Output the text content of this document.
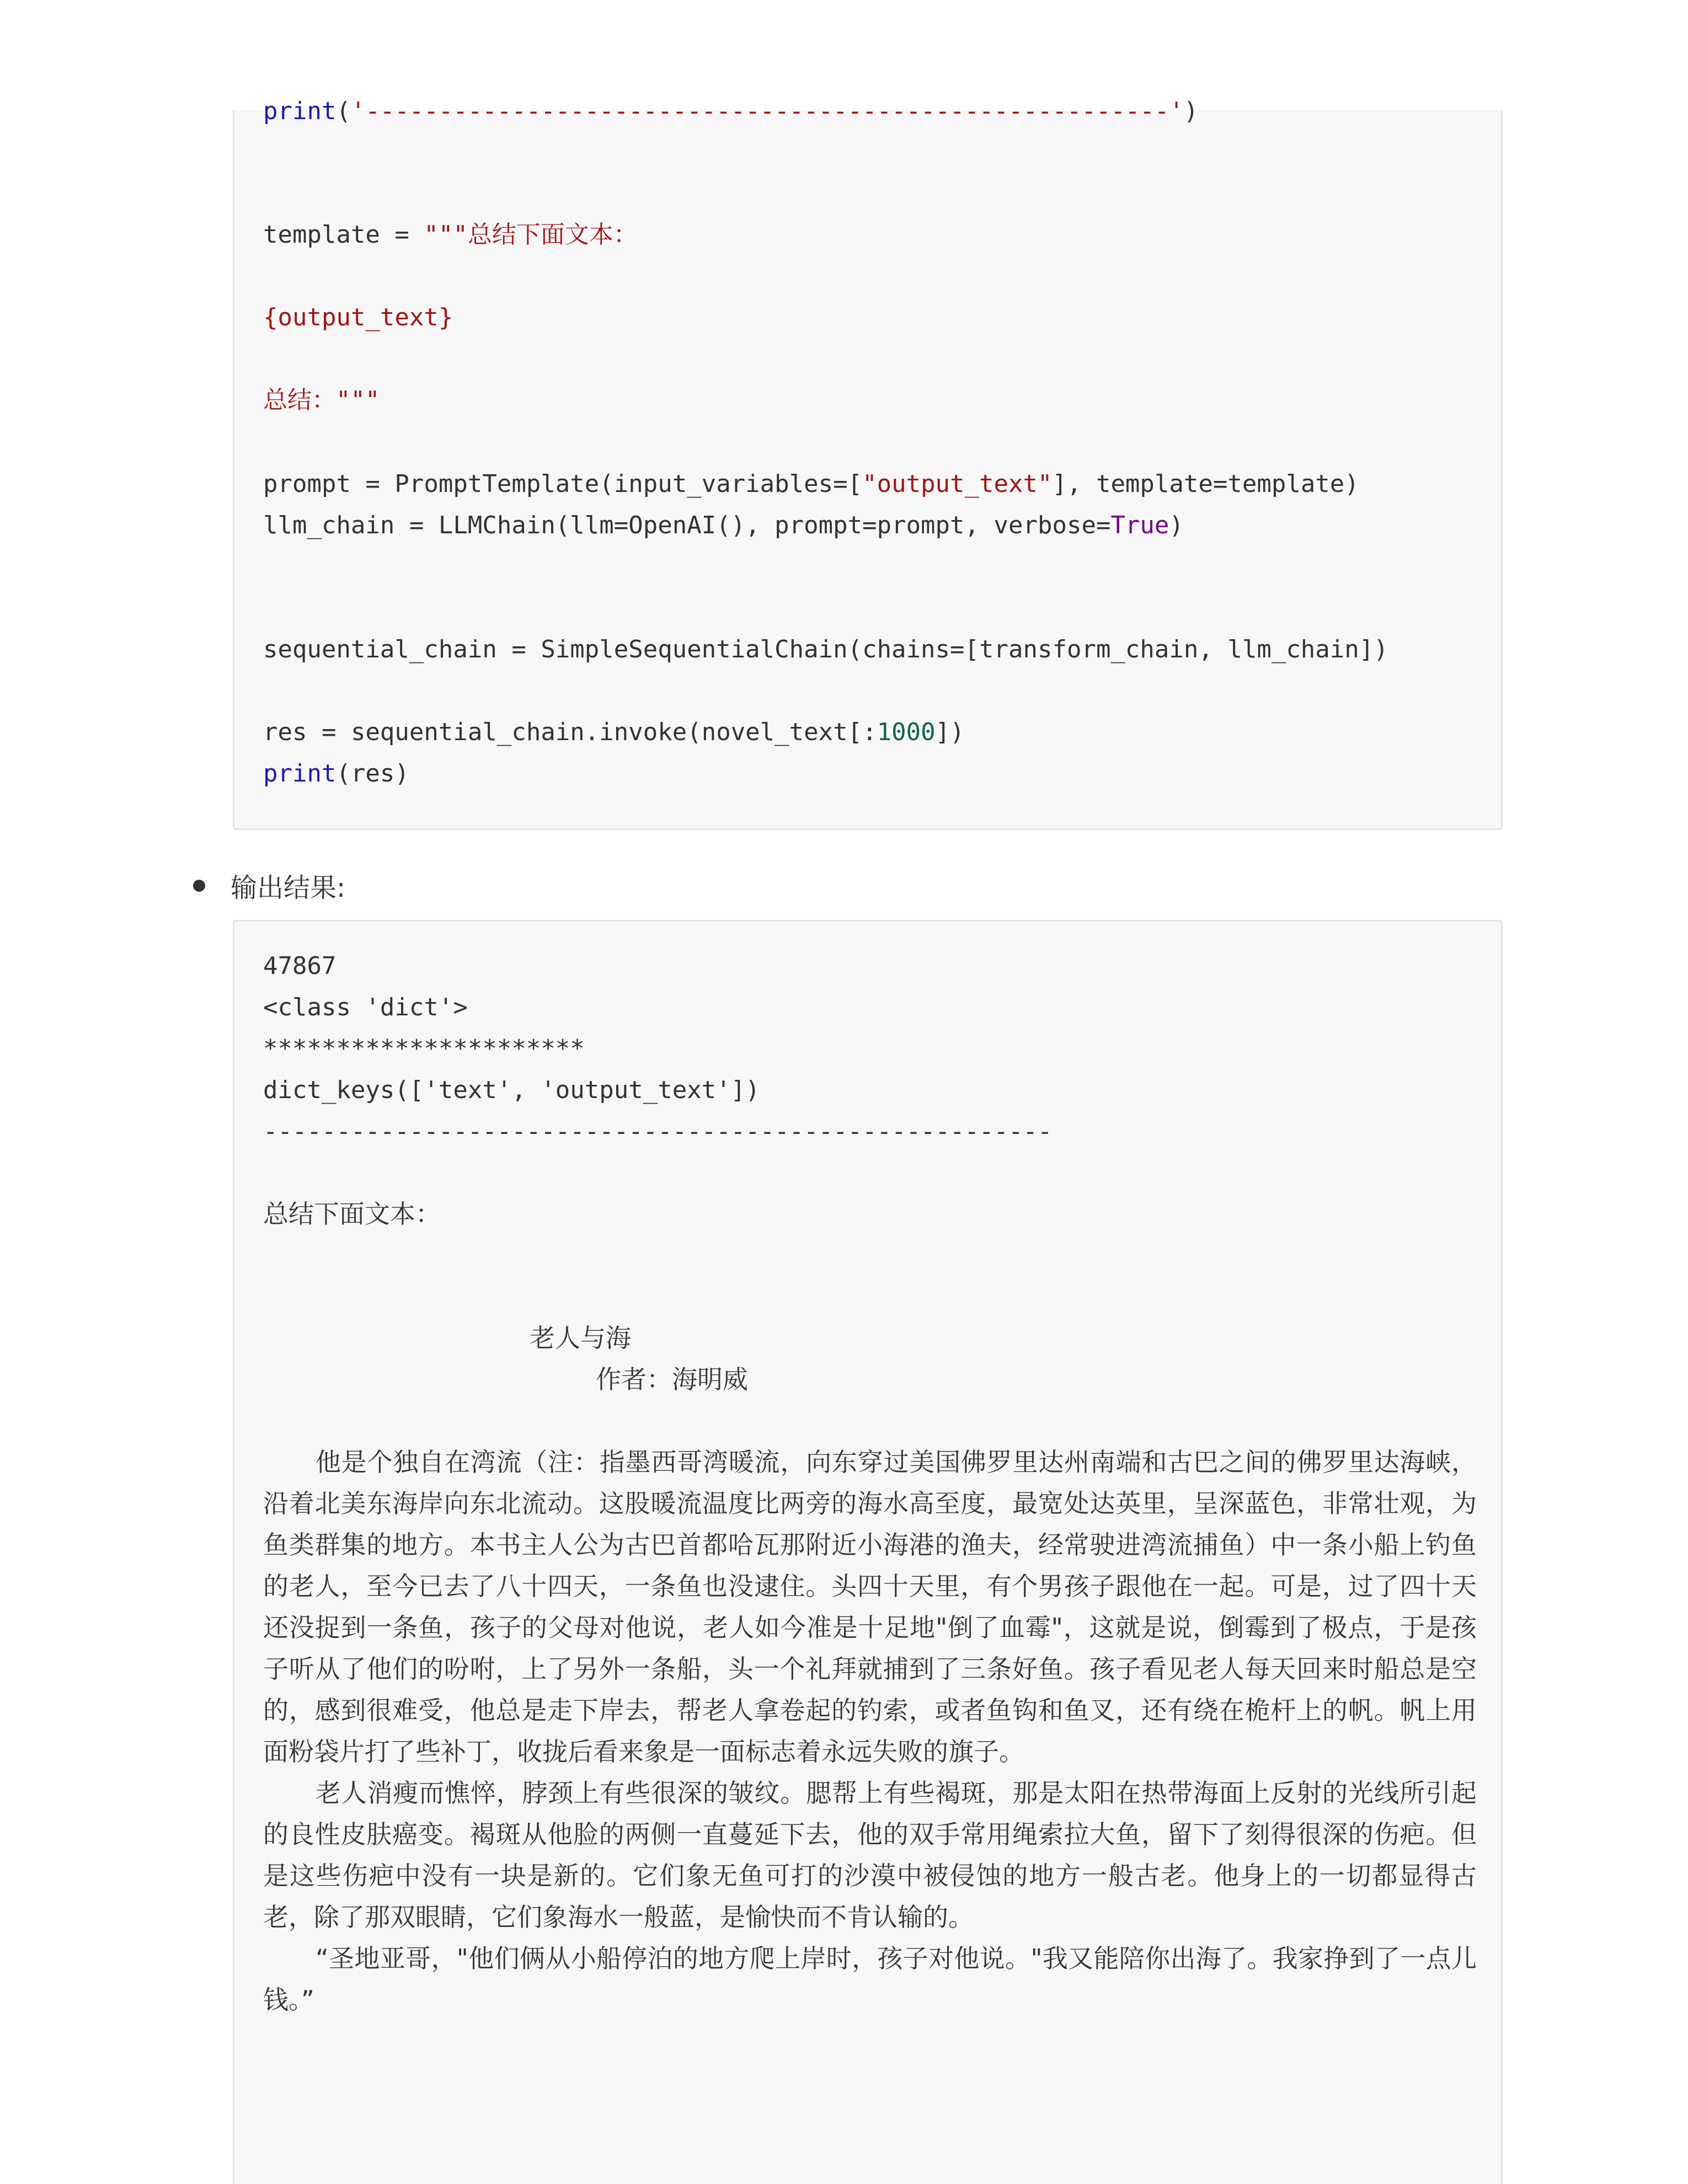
print('-------------------------------------------------------')
template = """总结下面文本：
{output_text}
总结："""
prompt = PromptTemplate(input_variables=["output_text"], template=template)
llm_chain = LLMChain(llm=OpenAI(), prompt=prompt, verbose=True)
sequential_chain = SimpleSequentialChain(chains=[transform_chain, llm_chain])
res = sequential_chain.invoke(novel_text[:1000])
print(res)
输出结果:
47867
<class 'dict'>
**********************
dict_keys(['text', 'output_text'])
------------------------------------------------------
总结下面文本：
老人与海
作者：海明威
他是个独自在湾流（注：指墨西哥湾暖流，向东穿过美国佛罗里达州南端和古巴之间的佛罗里达海峡，沿着北美东海岸向东北流动。这股暖流温度比两旁的海水高至度，最宽处达英里，呈深蓝色，非常壮观，为鱼类群集的地方。本书主人公为古巴首都哈瓦那附近小海港的渔夫，经常驶进湾流捕鱼）中一条小船上钓鱼的老人，至今已去了八十四天，一条鱼也没逮住。头四十天里，有个男孩子跟他在一起。可是，过了四十天还没捉到一条鱼，孩子的父母对他说，老人如今准是十足地"倒了血霉"，这就是说，倒霉到了极点，于是孩子听从了他们的吩咐，上了另外一条船，头一个礼拜就捕到了三条好鱼。孩子看见老人每天回来时船总是空的，感到很难受，他总是走下岸去，帮老人拿卷起的钓索，或者鱼钩和鱼叉，还有绕在桅杆上的帆。帆上用面粉袋片打了些补丁，收拢后看来象是一面标志着永远失败的旗子。
老人消瘦而憔悴，脖颈上有些很深的皱纹。腮帮上有些褐斑，那是太阳在热带海面上反射的光线所引起的良性皮肤癌变。褐斑从他脸的两侧一直蔓延下去，他的双手常用绳索拉大鱼，留下了刻得很深的伤疤。但是这些伤疤中没有一块是新的。它们象无鱼可打的沙漠中被侵蚀的地方一般古老。他身上的一切都显得古老，除了那双眼睛，它们象海水一般蓝，是愉快而不肯认输的。
“圣地亚哥，"他们俩从小船停泊的地方爬上岸时，孩子对他说。"我又能陪你出海了。我家挣到了一点儿钱。”
